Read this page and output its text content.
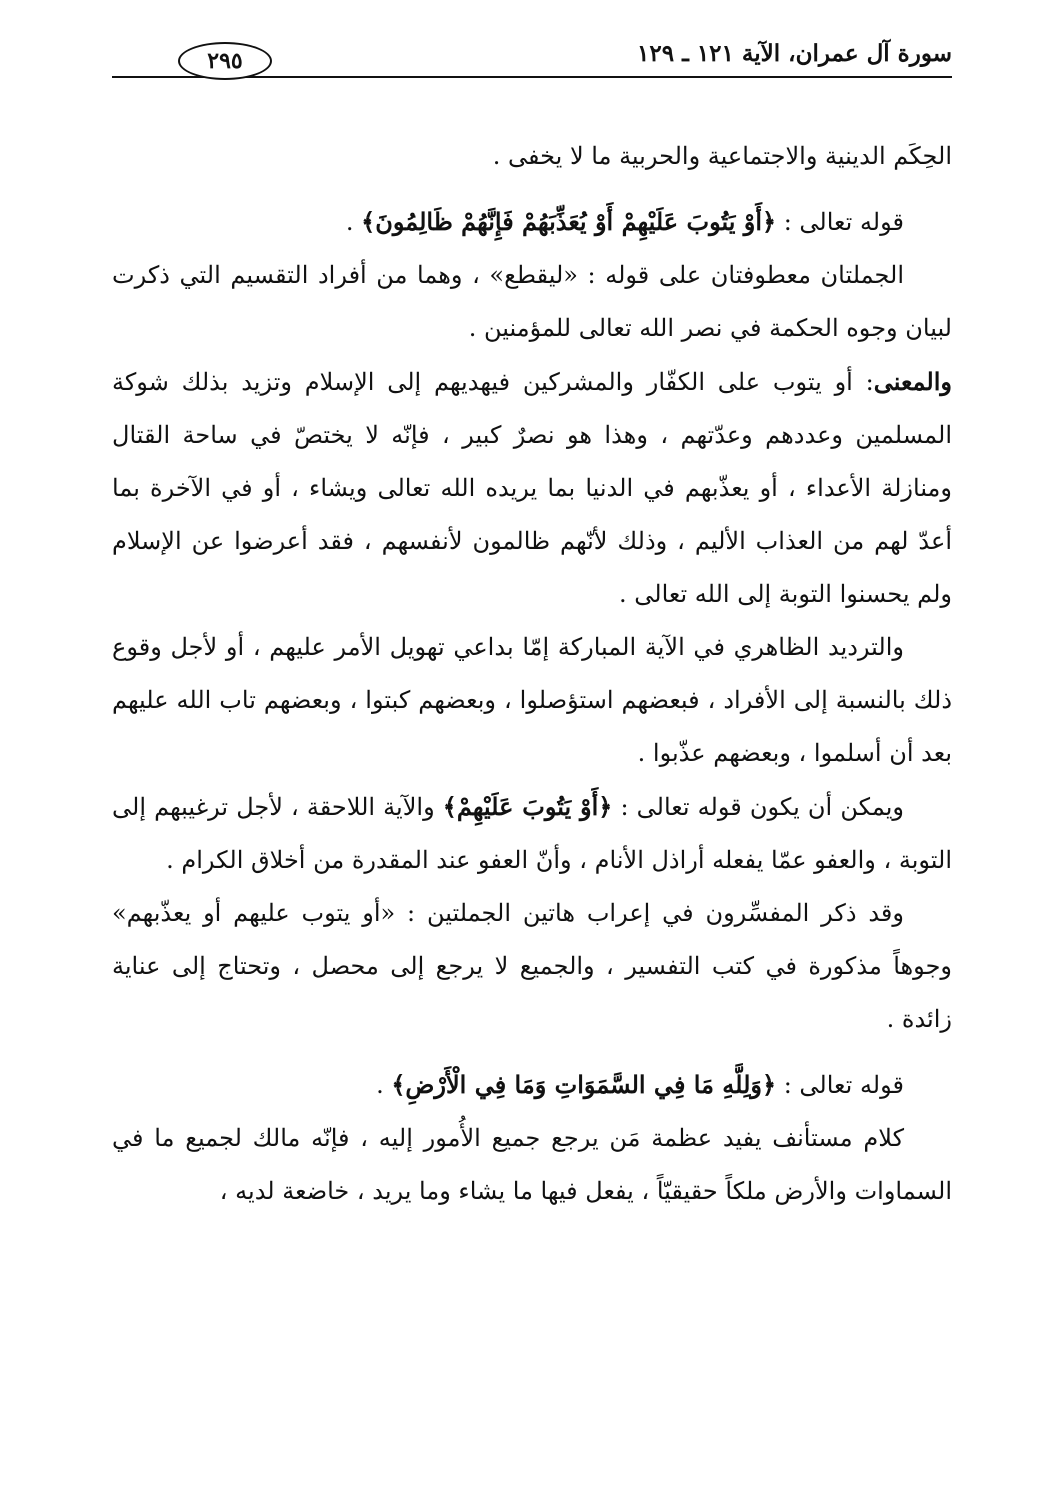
سورة آل عمران، الآية ١٢١ ـ ١٢٩
٢٩٥

الحِكَم الدينية والاجتماعية والحربية ما لا يخفى .

قوله تعالى : ﴿أَوْ يَتُوبَ عَلَيْهِمْ أَوْ يُعَذِّبَهُمْ فَإِنَّهُمْ ظَالِمُونَ﴾ .

الجملتان معطوفتان على قوله : «ليقطع» ، وهما من أفراد التقسيم التي ذكرت لبيان وجوه الحكمة في نصر الله تعالى للمؤمنين .

والمعنى: أو يتوب على الكفّار والمشركين فيهديهم إلى الإسلام وتزيد بذلك شوكة المسلمين وعددهم وعدّتهم ، وهذا هو نصرٌ كبير ، فإنّه لا يختصّ في ساحة القتال ومنازلة الأعداء ، أو يعذّبهم في الدنيا بما يريده الله تعالى ويشاء ، أو في الآخرة بما أعدّ لهم من العذاب الأليم ، وذلك لأنّهم ظالمون لأنفسهم ، فقد أعرضوا عن الإسلام ولم يحسنوا التوبة إلى الله تعالى .

والترديد الظاهري في الآية المباركة إمّا بداعي تهويل الأمر عليهم ، أو لأجل وقوع ذلك بالنسبة إلى الأفراد ، فبعضهم استؤصلوا ، وبعضهم كبتوا ، وبعضهم تاب الله عليهم بعد أن أسلموا ، وبعضهم عذّبوا .

ويمكن أن يكون قوله تعالى : ﴿أَوْ يَتُوبَ عَلَيْهِمْ﴾ والآية اللاحقة ، لأجل ترغيبهم إلى التوبة ، والعفو عمّا يفعله أراذل الأنام ، وأنّ العفو عند المقدرة من أخلاق الكرام .

وقد ذكر المفسِّرون في إعراب هاتين الجملتين : «أو يتوب عليهم أو يعذّبهم» وجوهاً مذكورة في كتب التفسير ، والجميع لا يرجع إلى محصل ، وتحتاج إلى عناية زائدة .

قوله تعالى : ﴿وَلِلَّهِ مَا فِي السَّمَوَاتِ وَمَا فِي الْأَرْضِ﴾ .

كلام مستأنف يفيد عظمة مَن يرجع جميع الأُمور إليه ، فإنّه مالك لجميع ما في السماوات والأرض ملكاً حقيقيّاً ، يفعل فيها ما يشاء وما يريد ، خاضعة لديه ،
